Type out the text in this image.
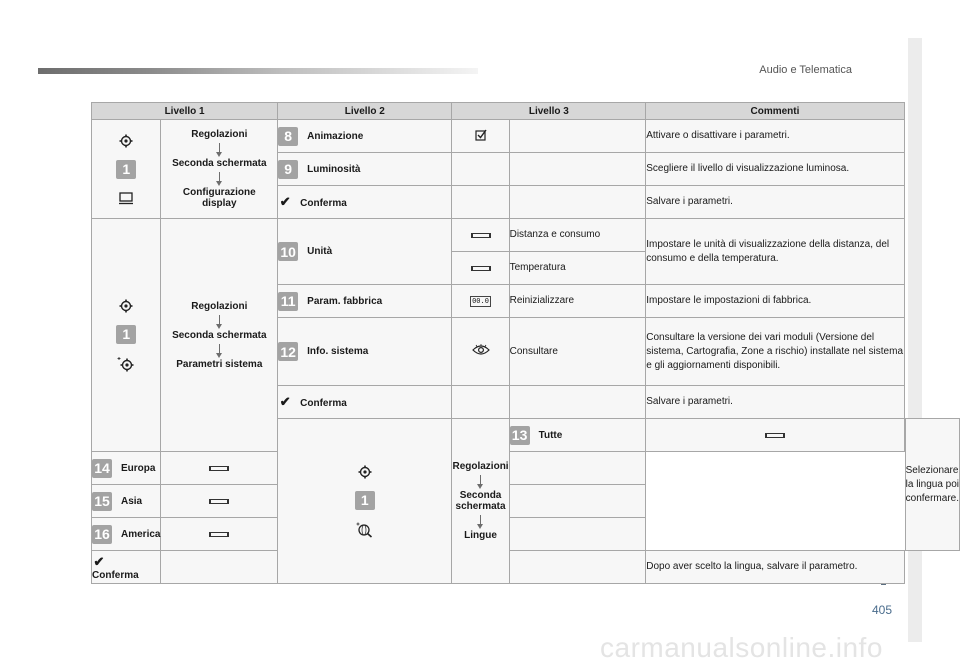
Audio e Telematica
405
carmanualsonline.info
Livello 1		Livello 2	Livello 3		Commenti	

1	Regolazioni
Seconda schermata
Configurazione display	8 Animazione			Attivare o disattivare i parametri.	

9 Luminosità			Scegliere il livello di visualizzazione luminosa.	
		✔ Conferma			Salvare i parametri.	

1	Regolazioni
Seconda schermata
Parametri sistema	10 Unità		Distanza e consumo	Impostare le unità di visualizzazione della distanza, del consumo e della temperatura.	
				Temperatura		

11 Param. fabbrica	00.0	Reinizializzare	Impostare le impostazioni di fabbrica.	

12 Info. sistema		Consultare	Consultare la versione dei vari moduli (Versione del sistema, Cartografia, Zone a rischio) installate nel sistema e gli aggiornamenti disponibili.	
		✔ Conferma			Salvare i parametri.	

1	Regolazioni
Seconda schermata
Lingue	13 Tutte			Selezionare la lingua poi confermare.

14 Europa						

15 Asia						

16 America						

✔Conferma					Dopo aver scelto la lingua, salvare il parametro.	
